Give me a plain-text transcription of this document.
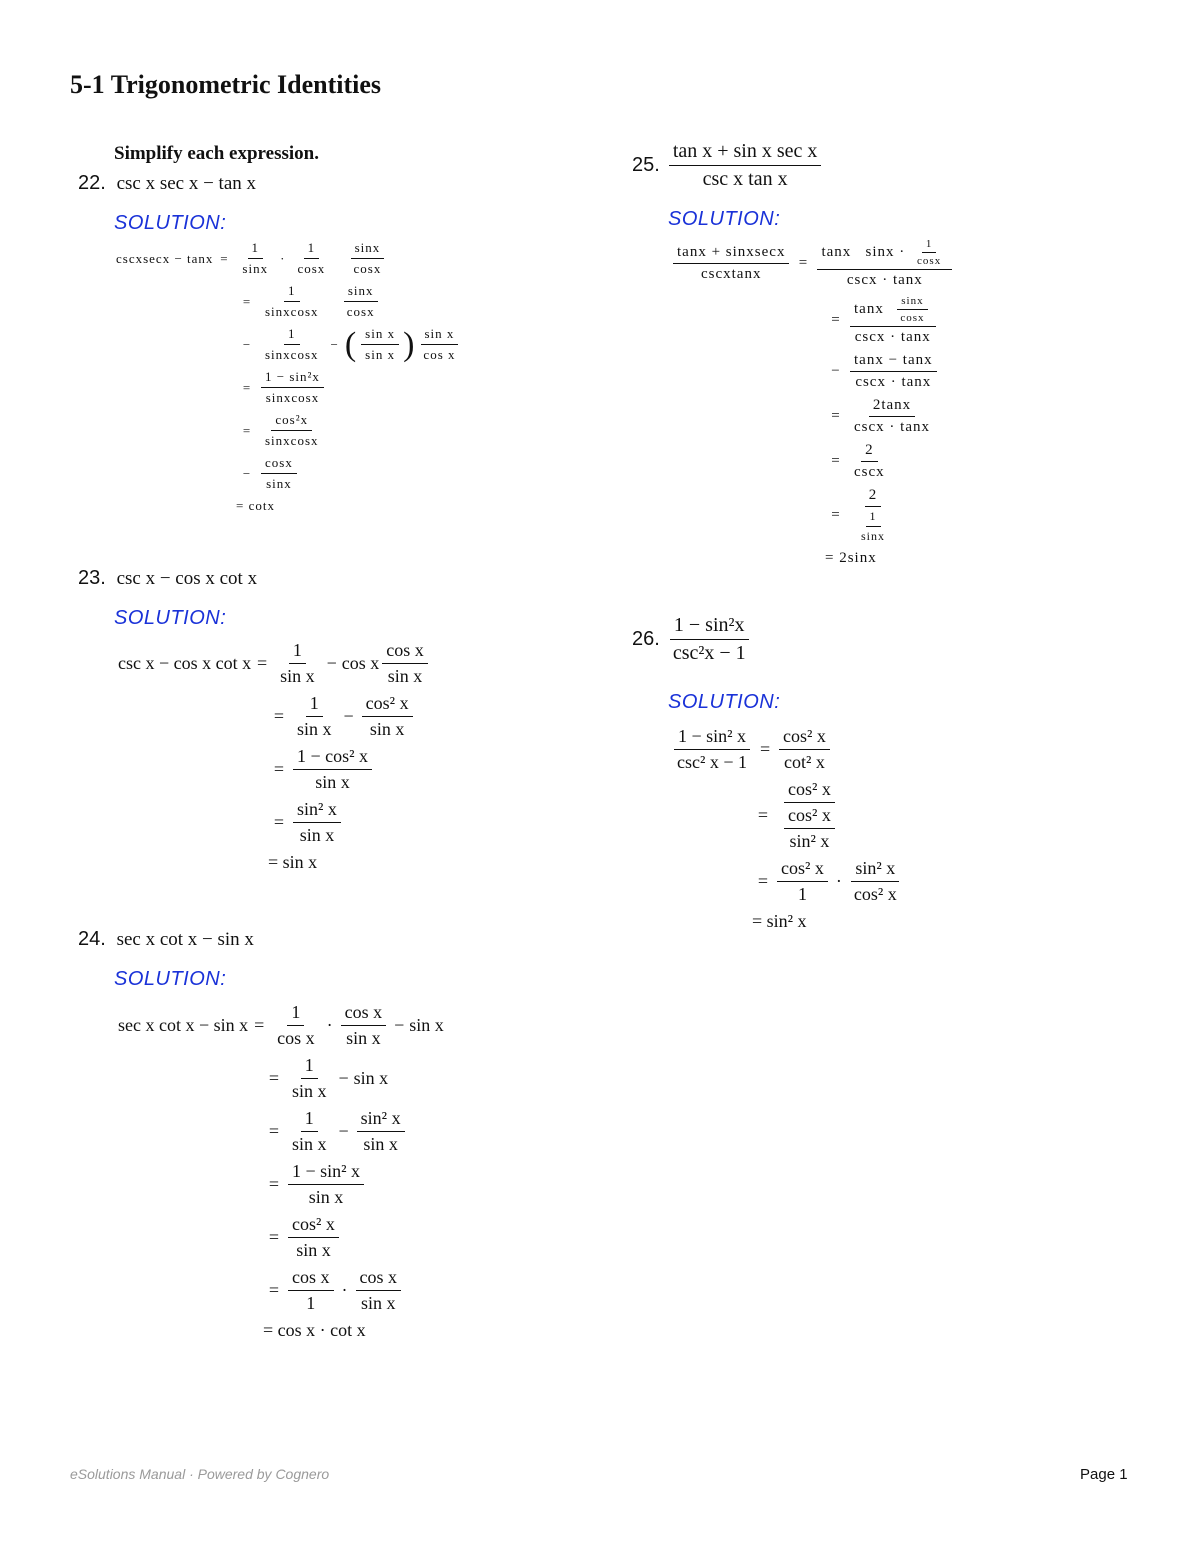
5-1 Trigonometric Identities
Simplify each expression.
22. csc x sec x − tan x
SOLUTION:
cscxsecx − $\tan x = \frac{1}{\sin x} \cdot \frac{1}{\cos x}$
$\frac{\sin x}{\cos x}$
= $\frac{1}{\text{sinxcosx}}$
$\frac{\sin x}{\cos x}$
− $\frac{1}{\text{sinxcosx}}$ − ( $\frac{\text{sin x}}{\text{sin x}}$ ) $\frac{\text{sin x}}{\text{cos x}}$
= $\frac{\text{1 − sin²x}}{\text{sinxcosx}}$
= $\frac{\text{cos²x}}{\text{sinxcosx}}$
− $\frac{\cos x}{\sin x}$
= cotx
23. csc x − cos x cot x
SOLUTION:
csc x − cos x $\cot x = \frac{1}{\text{sin x}} - \cos x \frac{\text{cos x}}{\text{sin x}}$
= $\frac{1}{\text{sin x}} - \frac{\text{cos² x}}{\text{sin x}}$
= $\frac{\text{1 − cos² x}}{\text{sin x}}$
= $\frac{\text{sin² x}}{\text{sin x}}$
= sin x
24. sec x cot x − sin x
SOLUTION:
sec x $\cot x - \sin x = \frac{1}{\text{cos x}} \cdot \frac{\text{cos x}}{\text{sin x}} - \sin x$
= $\frac{1}{\text{sin x}} - \sin x$
= $\frac{1}{\text{sin x}} - \frac{\text{sin² x}}{\text{sin x}}$
= $\frac{\text{1 − sin² x}}{\text{sin x}}$
= $\frac{\text{cos² x}}{\text{sin x}}$
= $\frac{\text{cos x}}{1} \cdot \frac{\text{cos x}}{\text{sin x}}$
= cos x · cot x
25. $\frac{\text{tan x + sin x sec x}}{\text{csc x tan x}}$
SOLUTION:
$\frac{\text{tanx + sinxsecx}}{\text{cscxtanx}} = \frac{\tan x \sin x \cdot \frac{1}{\cos x}}{\csc x \cdot \tan x}$
= $\frac{\tan x \frac{\sin x}{\cos x}}{\csc x \cdot \tan x}$
− $\frac{\tan x - \tan x}{\csc x \cdot \tan x}$
= $\frac{2\tan x}{\csc x \cdot \tan x}$
= $\frac{2}{\csc x}$
= $\frac{2}{\frac{1}{\sin x}}$
= 2sinx
26. $\frac{\text{1 − sin²x}}{\text{csc²x − 1}}$
SOLUTION:
$\frac{\text{1 − sin² x}}{\text{csc² x − 1}} = \frac{\text{cos² x}}{\text{cot² x}}$
= $\frac{\text{cos² x}}{\frac{\text{cos² x}}{\text{sin² x}}}$
= $\frac{\text{cos² x}}{1} \cdot \frac{\text{sin² x}}{\text{cos² x}}$
= sin² x
eSolutions Manual · Powered by Cognero	Page 1
